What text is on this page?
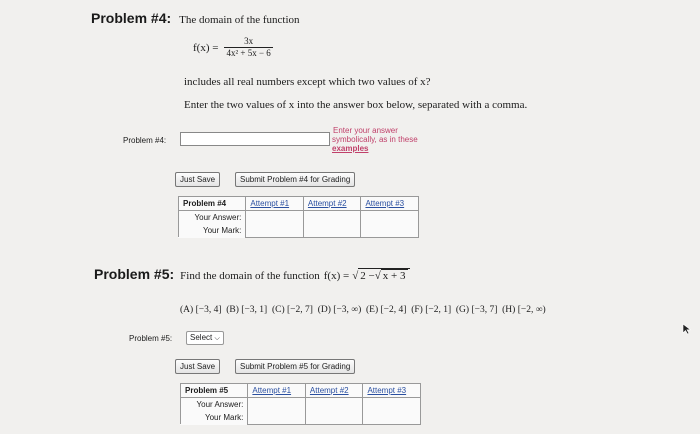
Problem #4: The domain of the function
$f(x) = \frac{3x}{\text{4x² + 5x − 6}}$
includes all real numbers except which two values of x?
Enter the two values of x into the answer box below, separated with a comma.
Problem #4:
Enter your answer
symbolically, as in these
examples
Just Save	Submit Problem #4 for Grading
Problem #4	Attempt #1	Attempt #2	Attempt #3
Your Answer:			
Your Mark:			
Problem #5: Find the domain of the function f(x) = √ 2 −√ x + 3
(A) [−3, 4] (B) [−3, 1] (C) [−2, 7] (D) [−3, ∞) (E) [−2, 4] (F) [−2, 1] (G) [−3, 7] (H) [−2, ∞)
Problem #5:	Select ⌵
Just Save	Submit Problem #5 for Grading
Problem #5	Attempt #1	Attempt #2	Attempt #3
Your Answer:			
Your Mark:			
